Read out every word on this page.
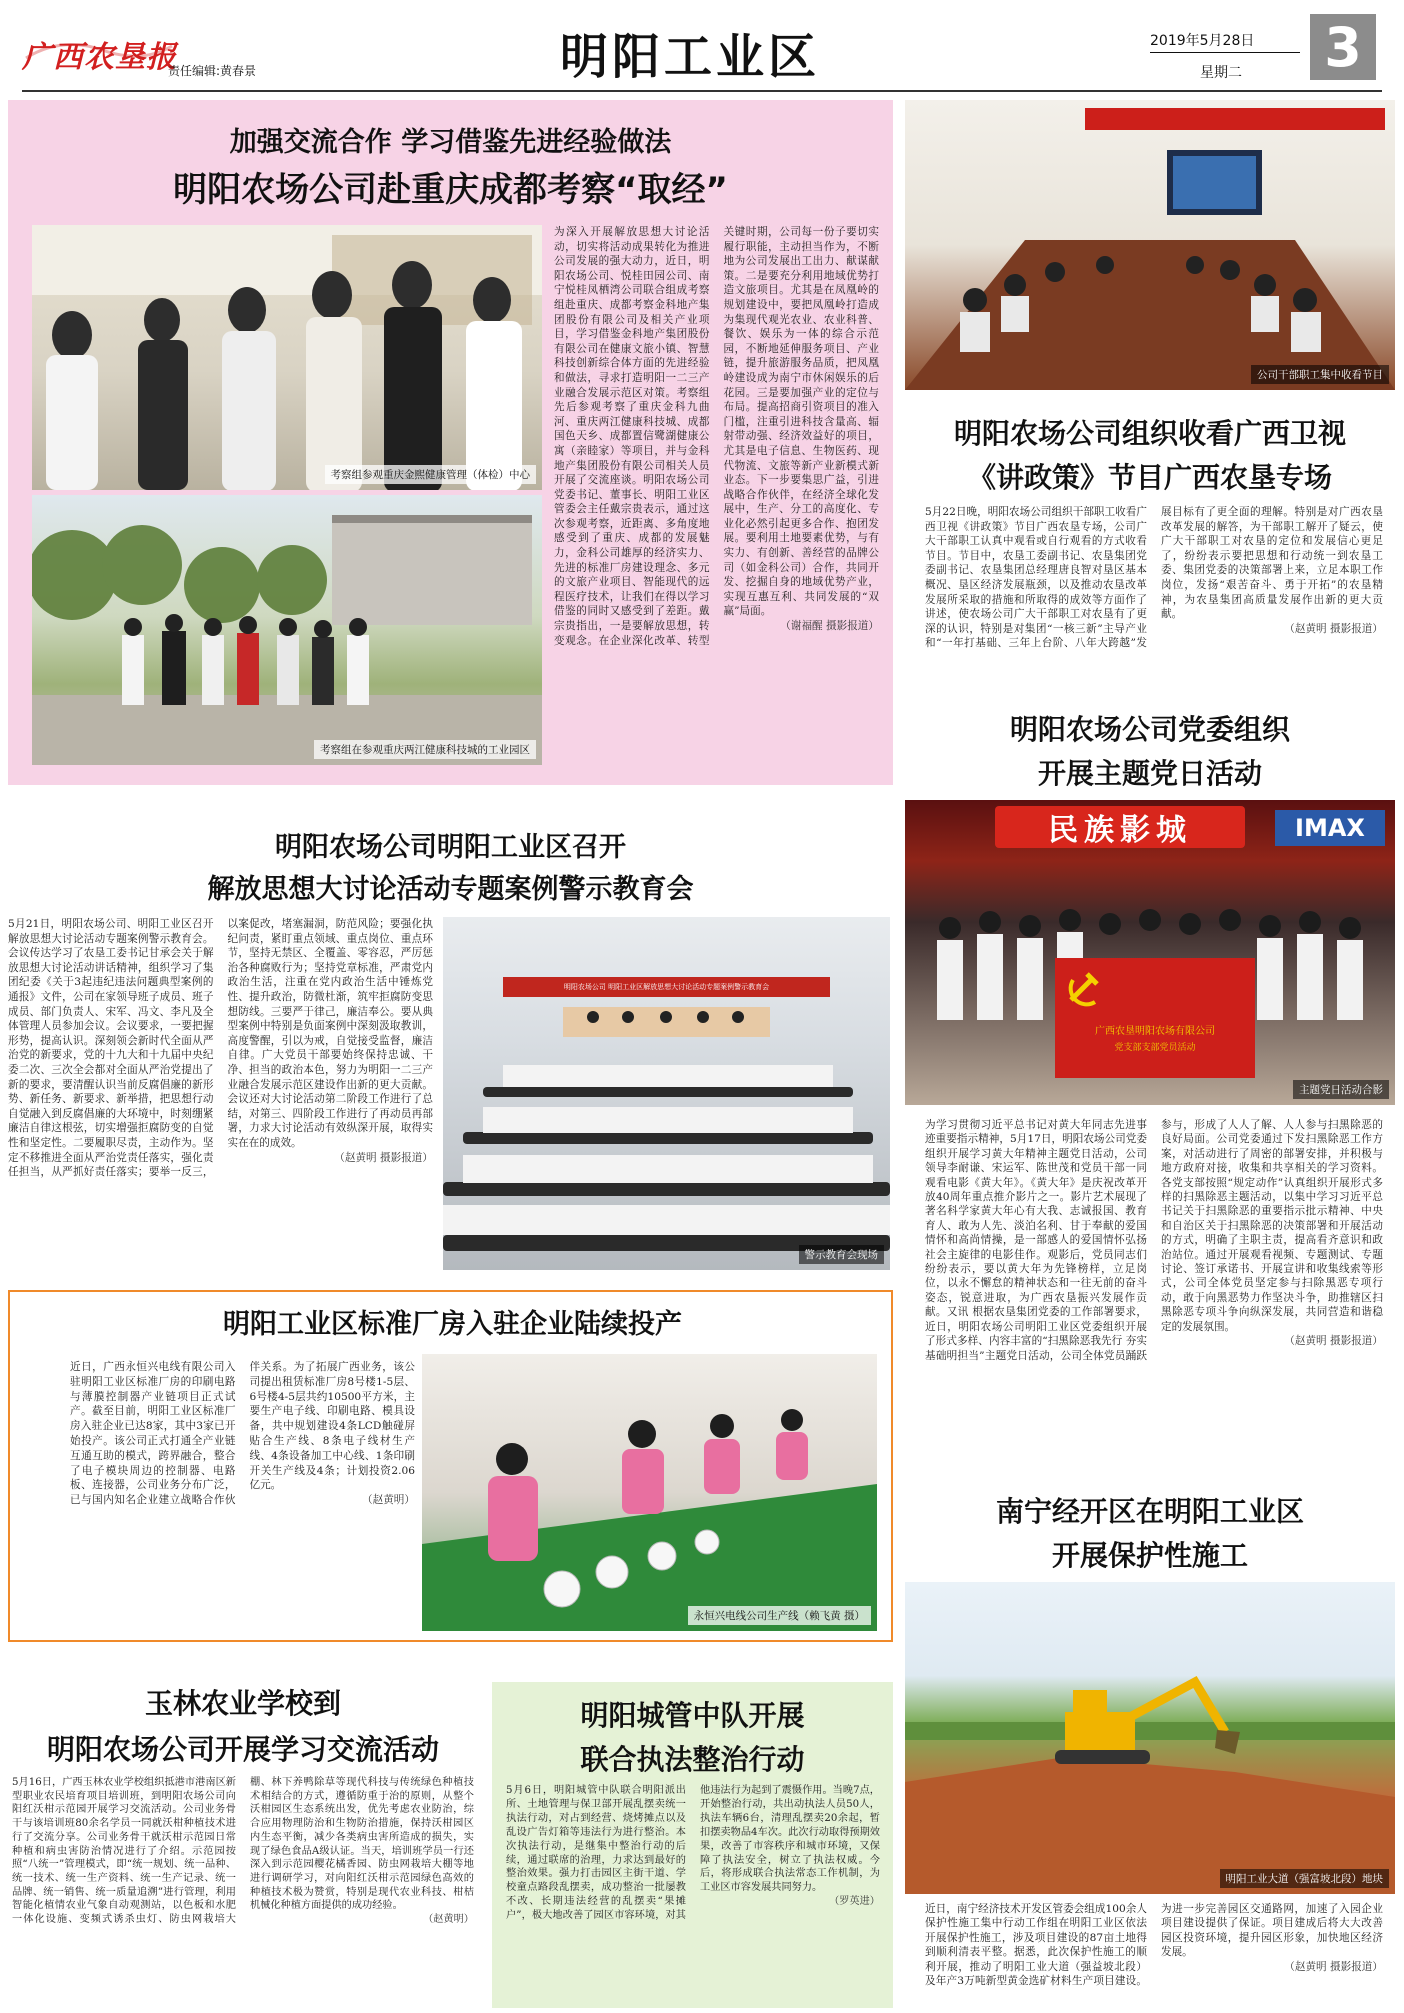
广西农垦报
责任编辑:黄春景	明阳工业区	2019年5月28日
星期二 3
加强交流合作 学习借鉴先进经验做法
明阳农场公司赴重庆成都考察“取经”
考察组参观重庆金熙健康管理（体检）中心
考察组在参观重庆两江健康科技城的工业园区
为深入开展解放思想大讨论活动，切实将活动成果转化为推进公司发展的强大动力，近日，明阳农场公司、悦桂田园公司、南宁悦桂凤栖湾公司联合组成考察组赴重庆、成都考察金科地产集团股份有限公司及相关产业项目，学习借鉴金科地产集团股份有限公司在健康文旅小镇、智慧科技创新综合体方面的先进经验和做法，寻求打造明阳一二三产业融合发展示范区对策。考察组先后参观考察了重庆金科九曲河、重庆两江健康科技城、成都国色天乡、成都置信鹭湖健康公寓（亲睦家）等项目，并与金科地产集团股份有限公司相关人员开展了交流座谈。明阳农场公司党委书记、董事长、明阳工业区管委会主任戴宗贵表示，通过这次参观考察，近距离、多角度地感受到了重庆、成都的发展魅力，金科公司雄厚的经济实力、先进的标准厂房建设理念、多元的文旅产业项目、智能现代的远程医疗技术，让我们在得以学习借鉴的同时又感受到了差距。戴宗贵指出，一是要解放思想，转变观念。在企业深化改革、转型关键时期，公司每一份子要切实履行职能，主动担当作为，不断地为公司发展出工出力、献谋献策。二是要充分利用地域优势打造文旅项目。尤其是在凤凰岭的规划建设中，要把凤凰岭打造成为集现代观光农业、农业科普、餐饮、娱乐为一体的综合示范园，不断地延伸服务项目、产业链，提升旅游服务品质，把凤凰岭建设成为南宁市休闲娱乐的后花园。三是要加强产业的定位与布局。提高招商引资项目的准入门槛，注重引进科技含量高、辐射带动强、经济效益好的项目，尤其是电子信息、生物医药、现代物流、文旅等新产业新模式新业态。下一步要集思广益，引进战略合作伙伴，在经济全球化发展中，生产、分工的高度化、专业化必然引起更多合作、抱团发展。要利用土地要素优势，与有实力、有创新、善经营的品牌公司（如金科公司）合作，共同开发、挖掘自身的地域优势产业，实现互惠互利、共同发展的“双赢”局面。
（谢福醒 摄影报道）
公司干部职工集中收看节目
明阳农场公司组织收看广西卫视
《讲政策》节目广西农垦专场
5月22日晚，明阳农场公司组织干部职工收看广西卫视《讲政策》节目广西农垦专场，公司广大干部职工认真中观看或自行观看的方式收看节目。节目中，农垦工委副书记、农垦集团党委副书记、农垦集团总经理唐良智对垦区基本概况、垦区经济发展瓶颈，以及推动农垦改革发展所采取的措施和所取得的成效等方面作了讲述，使农场公司广大干部职工对农垦有了更深的认识，特别是对集团“一核三新”主导产业和“一年打基础、三年上台阶、八年大跨越”发展目标有了更全面的理解。特别是对广西农垦改革发展的解答，为干部职工解开了疑云，使广大干部职工对农垦的定位和发展信心更足了，纷纷表示要把思想和行动统一到农垦工委、集团党委的决策部署上来，立足本职工作岗位，发扬“艰苦奋斗、勇于开拓”的农垦精神，为农垦集团高质量发展作出新的更大贡献。
（赵黄明 摄影报道）
明阳农场公司党委组织
开展主题党日活动
民族影城	IMAX
广西农垦明阳农场有限公司
党支部支部党员活动
主题党日活动合影
为学习贯彻习近平总书记对黄大年同志先进事迹重要指示精神，5月17日，明阳农场公司党委组织开展学习黄大年精神主题党日活动，公司领导李耐谦、宋运军、陈世茂和党员干部一同观看电影《黄大年》。《黄大年》是庆祝改革开放40周年重点推介影片之一。影片艺术展现了著名科学家黄大年心有大我、志诚报国、教育育人、敢为人先、淡泊名利、甘于奉献的爱国情怀和高尚情操，是一部感人的爱国情怀弘扬社会主旋律的电影佳作。观影后，党员同志们纷纷表示，要以黄大年为先锋榜样，立足岗位，以永不懈怠的精神状态和一往无前的奋斗姿态，锐意进取，为广西农垦振兴发展作贡献。又讯 根据农垦集团党委的工作部署要求，近日，明阳农场公司明阳工业区党委组织开展了形式多样、内容丰富的“扫黑除恶我先行 夯实基础明担当”主题党日活动，公司全体党员踊跃参与，形成了人人了解、人人参与扫黑除恶的良好局面。公司党委通过下发扫黑除恶工作方案，对活动进行了周密的部署安排，并积极与地方政府对接，收集和共享相关的学习资料。各党支部按照“规定动作”认真组织开展形式多样的扫黑除恶主题活动，以集中学习习近平总书记关于扫黑除恶的重要指示批示精神、中央和自治区关于扫黑除恶的决策部署和开展活动的方式，明确了主职主责，提高看齐意识和政治站位。通过开展观看视频、专题测试、专题讨论、签订承诺书、开展宣讲和收集线索等形式，公司全体党员坚定参与扫除黑恶专项行动，敢于向黑恶势力作坚决斗争，助推辖区扫黑除恶专项斗争向纵深发展，共同营造和谐稳定的发展氛围。
（赵黄明 摄影报道）
明阳农场公司明阳工业区召开
解放思想大讨论活动专题案例警示教育会
5月21日，明阳农场公司、明阳工业区召开解放思想大讨论活动专题案例警示教育会。会议传达学习了农垦工委书记甘承会关于解放思想大讨论活动讲话精神，组织学习了集团纪委《关于3起违纪违法问题典型案例的通报》文件，公司在家领导班子成员、班子成员、部门负责人、宋军、冯文、李凡及全体管理人员参加会议。会议要求，一要把握形势，提高认识。深刻领会新时代全面从严治党的新要求，党的十九大和十九届中央纪委二次、三次全会都对全面从严治党提出了新的要求，要清醒认识当前反腐倡廉的新形势、新任务、新要求、新举措，把思想行动自觉融入到反腐倡廉的大环境中，时刻绷紧廉洁自律这根弦，切实增强拒腐防变的自觉性和坚定性。二要履职尽责，主动作为。坚定不移推进全面从严治党责任落实，强化责任担当，从严抓好责任落实；要举一反三，以案促改，堵塞漏洞，防范风险；要强化执纪问责，紧盯重点领域、重点岗位、重点环节，坚持无禁区、全覆盖、零容忍，严厉惩治各种腐败行为；坚持党章标准，严肃党内政治生活，注重在党内政治生活中锤炼党性、提升政治，防微杜渐，筑牢拒腐防变思想防线。三要严于律己，廉洁奉公。要从典型案例中特别是负面案例中深刻汲取教训，高度警醒，引以为戒，自觉接受监督，廉洁自律。广大党员干部要始终保持忠诚、干净、担当的政治本色，努力为明阳一二三产业融合发展示范区建设作出新的更大贡献。会议还对大讨论活动第二阶段工作进行了总结，对第三、四阶段工作进行了再动员再部署，力求大讨论活动有效纵深开展，取得实实在在的成效。
（赵黄明 摄影报道）
明阳农场公司 明阳工业区解放思想大讨论活动专题案例警示教育会
警示教育会现场
明阳工业区标准厂房入驻企业陆续投产
近日，广西永恒兴电线有限公司入驻明阳工业区标准厂房的印刷电路与薄膜控制器产业链项目正式试产。截至目前，明阳工业区标准厂房入驻企业已达8家，其中3家已开始投产。该公司正式打通全产业链互通互助的模式，跨界融合，整合了电子模块周边的控制器、电路板、连接器，公司业务分布广泛，已与国内知名企业建立战略合作伙伴关系。为了拓展广西业务，该公司提出租赁标准厂房8号楼1-5层、6号楼4-5层共约10500平方米，主要生产电子线、印刷电路、模具设备，共中规划建设4条LCD触碰屏贴合生产线、8条电子线材生产线、4条设备加工中心线、1条印刷开关生产线及4条；计划投资2.06亿元。
（赵黄明）
永恒兴电线公司生产线（赖飞黄 摄）
南宁经开区在明阳工业区
开展保护性施工
明阳工业大道（强富坡北段）地块
近日，南宁经济技术开发区管委会组成100余人保护性施工集中行动工作组在明阳工业区依法开展保护性施工，涉及项目建设的87亩土地得到顺利清表平整。据悉，此次保护性施工的顺利开展，推动了明阳工业大道（强益坡北段）及年产3万吨新型黄金选矿材料生产项目建设。为进一步完善园区交通路网，加速了入园企业项目建设提供了保证。项目建成后将大大改善园区投资环境，提升园区形象，加快地区经济发展。
（赵黄明 摄影报道）
玉林农业学校到
明阳农场公司开展学习交流活动
5月16日，广西玉林农业学校组织抵港市港南区新型职业农民培育项目培训班，到明阳农场公司向阳红沃柑示范园开展学习交流活动。公司业务骨干与该培训班80余名学员一同就沃柑种植技术进行了交流分享。公司业务骨干就沃柑示范园日常种植和病虫害防治情况进行了介绍。示范园按照“八统一”管理模式，即“统一规划、统一品种、统一技术、统一生产资料、统一生产记录、统一品牌、统一销售、统一质量追溯”进行管理，利用智能化植情农业气象自动观测站，以色板和水肥一体化设施、变频式诱杀虫灯、防虫网栽培大棚、林下养鸭除草等现代科技与传统绿色种植技术相结合的方式，遵循防重于治的原则，从整个沃柑园区生态系统出发，优先考虑农业防治，综合应用物理防治和生物防治措施，保持沃柑园区内生态平衡，减少各类病虫害所造成的损失，实现了绿色食品A级认证。当天，培训班学员一行还深入到示范园樱花橘香园、防虫网栽培大棚等地进行调研学习，对向阳红沃柑示范园绿色高效的种植技术极为赞赏，特别是现代农业科技、柑桔机械化种植方面提供的成功经验。
（赵黄明）
明阳城管中队开展
联合执法整治行动
5月6日，明阳城管中队联合明阳派出所、土地管理与保卫部开展乱摆卖统一执法行动，对占到经营、烧烤摊点以及乱设广告灯箱等违法行为进行整治。本次执法行动，是继集中整治行动的后续，通过联席的治理，力求达到最好的整治效果。强力打击园区主街干道、学校童点路段乱摆卖，成功整治一批屡教不改、长期违法经营的乱摆卖“果摊户”，极大地改善了园区市容环境，对其他违法行为起到了震慑作用。当晚7点，开始整治行动，共出动执法人员50人，执法车辆6台，清理乱摆卖20余起，暂扣摆卖物品4车次。此次行动取得预期效果，改善了市容秩序和城市环境，又保障了执法安全，树立了执法权威。今后，将形成联合执法常态工作机制，为工业区市容发展共同努力。
（罗英进）
